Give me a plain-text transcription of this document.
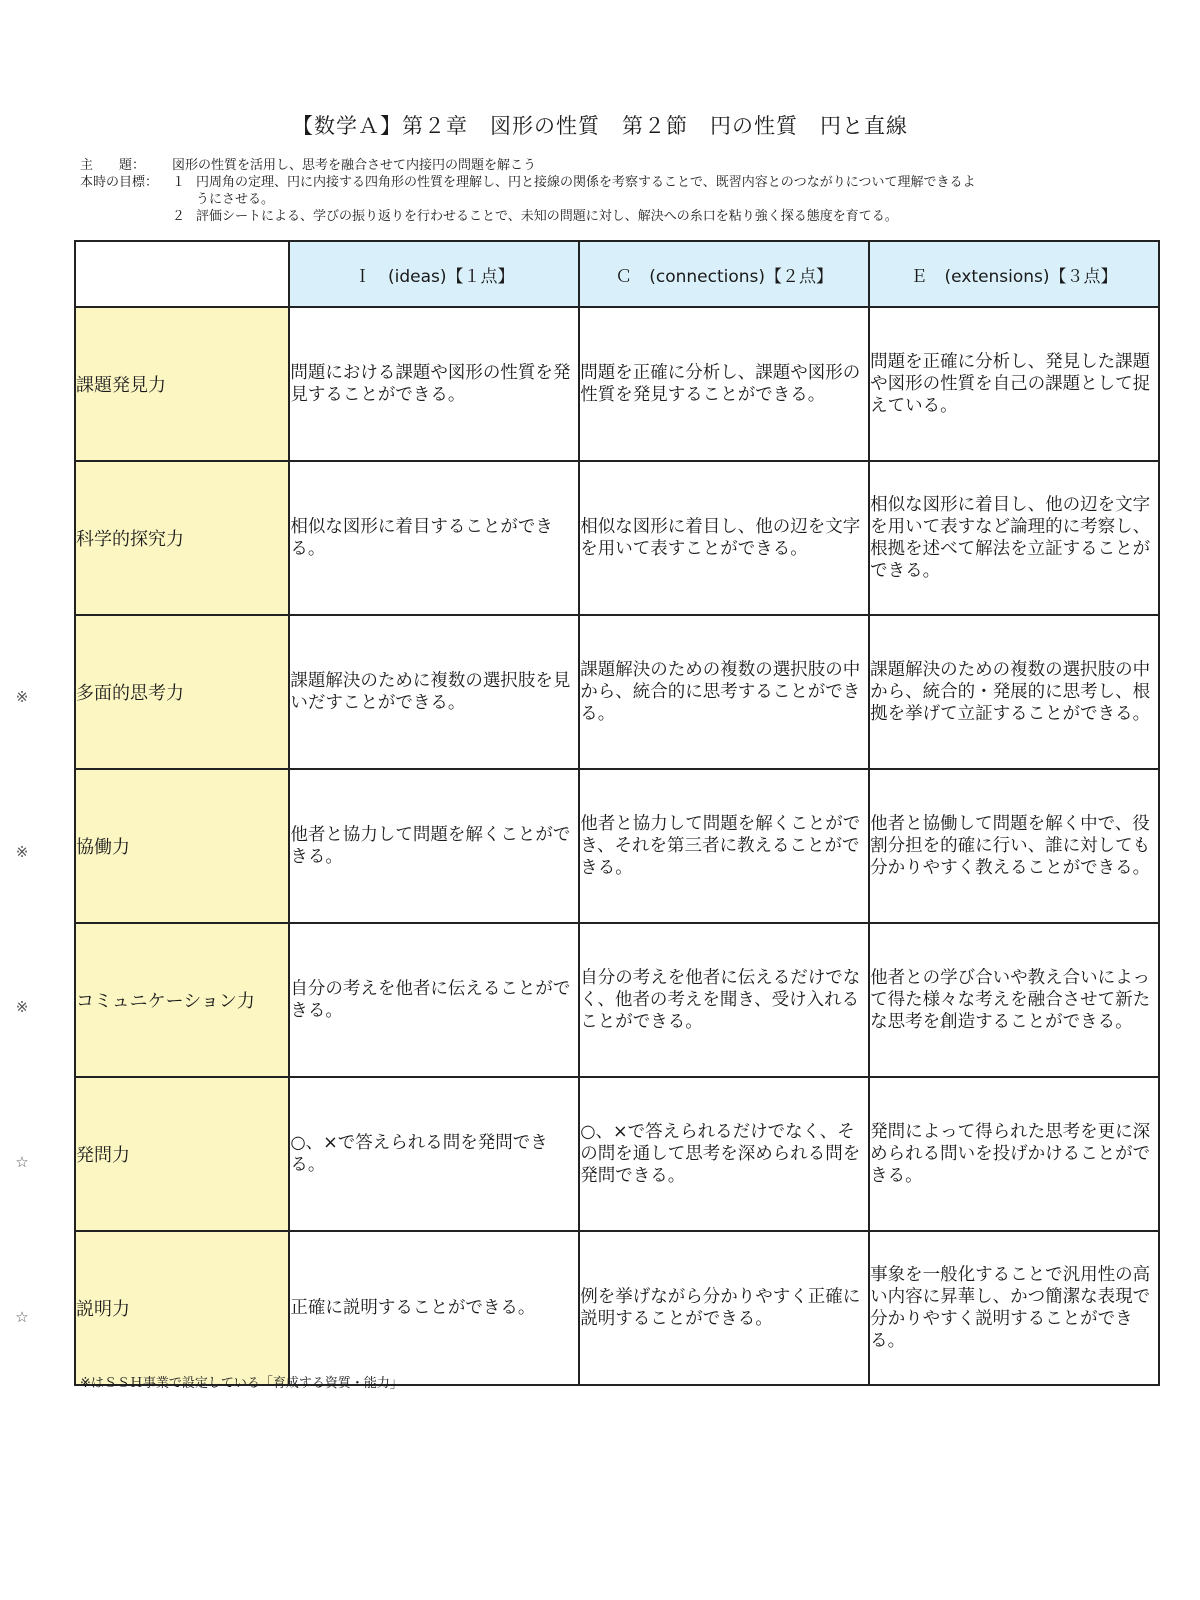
【数学Ａ】第２章　図形の性質　第２節　円の性質　円と直線
主　　題：	図形の性質を活用し、思考を融合させて内接円の問題を解こう
本時の目標：	１ 円周角の定理、円に内接する四角形の性質を理解し、円と接線の関係を考察することで、既習内容とのつながりについて理解できるよ
うにさせる。
２ 評価シートによる、学びの振り返りを行わせることで、未知の問題に対し、解決への糸口を粘り強く探る態度を育てる。
	Ｉ　(ideas)【１点】	Ｃ　(connections)【２点】	Ｅ　(extensions)【３点】
課題発見力	問題における課題や図形の性質を発見することができる。	問題を正確に分析し、課題や図形の性質を発見することができる。	問題を正確に分析し、発見した課題や図形の性質を自己の課題として捉えている。
科学的探究力	相似な図形に着目することができる。	相似な図形に着目し、他の辺を文字を用いて表すことができる。	相似な図形に着目し、他の辺を文字を用いて表すなど論理的に考察し、根拠を述べて解法を立証することができる。
多面的思考力	課題解決のために複数の選択肢を見いだすことができる。	課題解決のための複数の選択肢の中から、統合的に思考することができる。	課題解決のための複数の選択肢の中から、統合的・発展的に思考し、根拠を挙げて立証することができる。
協働力	他者と協力して問題を解くことができる。	他者と協力して問題を解くことができ、それを第三者に教えることができる。	他者と協働して問題を解く中で、役割分担を的確に行い、誰に対しても分かりやすく教えることができる。
コミュニケーション力	自分の考えを他者に伝えることができる。	自分の考えを他者に伝えるだけでなく、他者の考えを聞き、受け入れることができる。	他者との学び合いや教え合いによって得た様々な考えを融合させて新たな思考を創造することができる。
発問力	○、×で答えられる問を発問できる。	○、×で答えられるだけでなく、その問を通して思考を深められる問を発問できる。	発問によって得られた思考を更に深められる問いを投げかけることができる。
説明力	正確に説明することができる。	例を挙げながら分かりやすく正確に説明することができる。	事象を一般化することで汎用性の高い内容に昇華し、かつ簡潔な表現で分かりやすく説明することができる。
※
※
※
☆
☆
※はＳＳＨ事業で設定している「育成する資質・能力」
